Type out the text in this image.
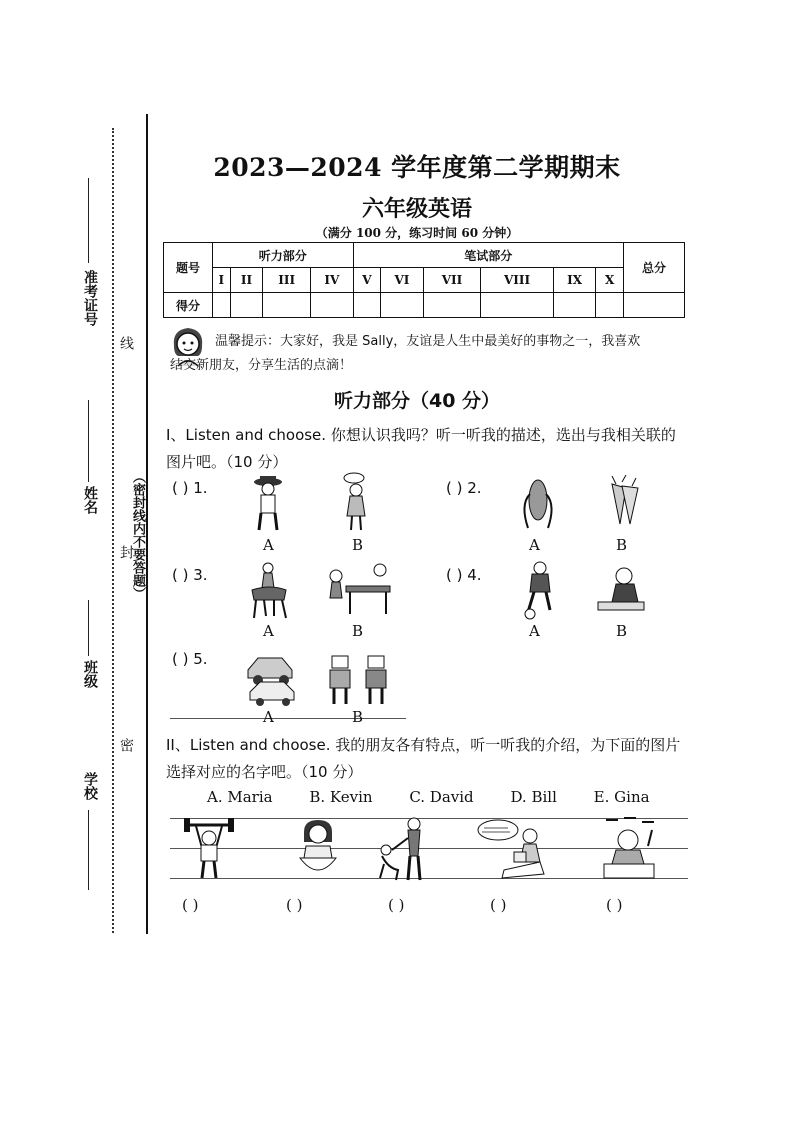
准考证号
线
姓名 （密封线内不要答题）
封
班级
密
学校
2023—2024 学年度第二学期期末
六年级英语
（满分 100 分，练习时间 60 分钟）
题号	听力部分				笔试部分						总分
	I	II	III	IV	V	VI	VII	VIII	IX	X	
得分											
温馨提示：大家好，我是 Sally，友谊是人生中最美好的事物之一，我喜欢
结交新朋友，分享生活的点滴！
听力部分（40 分）
I、Listen and choose. 你想认识我吗？听一听我的描述，选出与我相关联的
图片吧。（10 分）
( ) 1.
A	B
( ) 2.
A	B
( ) 3.
A	B
( ) 4.
A	B
( ) 5.
A	B
II、Listen and choose. 我的朋友各有特点，听一听我的介绍，为下面的图片
选择对应的名字吧。（10 分）
A. Maria B. Kevin C. David D. Bill E. Gina
( )	( )	( )	( )	( )
